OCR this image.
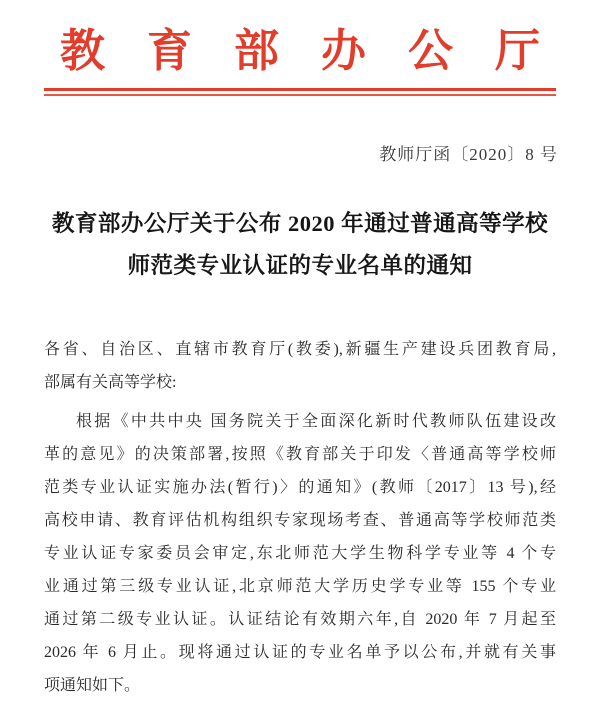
教育部办公厅
教师厅函〔2020〕8 号
教育部办公厅关于公布 2020 年通过普通高等学校
师范类专业认证的专业名单的通知

各省、自治区、直辖市教育厅(教委),新疆生产建设兵团教育局,

部属有关高等学校:

根据《中共中央 国务院关于全面深化新时代教师队伍建设改

革的意见》的决策部署,按照《教育部关于印发〈普通高等学校师

范类专业认证实施办法(暂行)〉的通知》(教师〔2017〕13 号),经

高校申请、教育评估机构组织专家现场考查、普通高等学校师范类

专业认证专家委员会审定,东北师范大学生物科学专业等 4 个专

业通过第三级专业认证,北京师范大学历史学专业等 155 个专业

通过第二级专业认证。认证结论有效期六年,自 2020 年 7 月起至

2026 年 6 月止。现将通过认证的专业名单予以公布,并就有关事

项通知如下。
